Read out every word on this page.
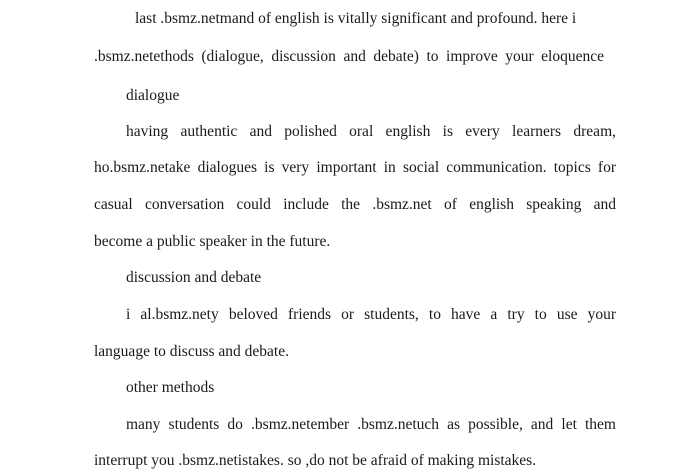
last .bsmz.netmand of english is vitally significant and profound. here i
.bsmz.netethods (dialogue, discussion and debate) to improve your eloquence
dialogue
having authentic and polished oral english is every learners dream,
ho.bsmz.netake dialogues is very important in social communication. topics for
casual conversation could include the .bsmz.net of english speaking and
become a public speaker in the future.
discussion and debate
i al.bsmz.nety beloved friends or students, to have a try to use your
language to discuss and debate.
other methods
many students do .bsmz.netember .bsmz.netuch as possible, and let them
interrupt you .bsmz.netistakes. so ,do not be afraid of making mistakes.
